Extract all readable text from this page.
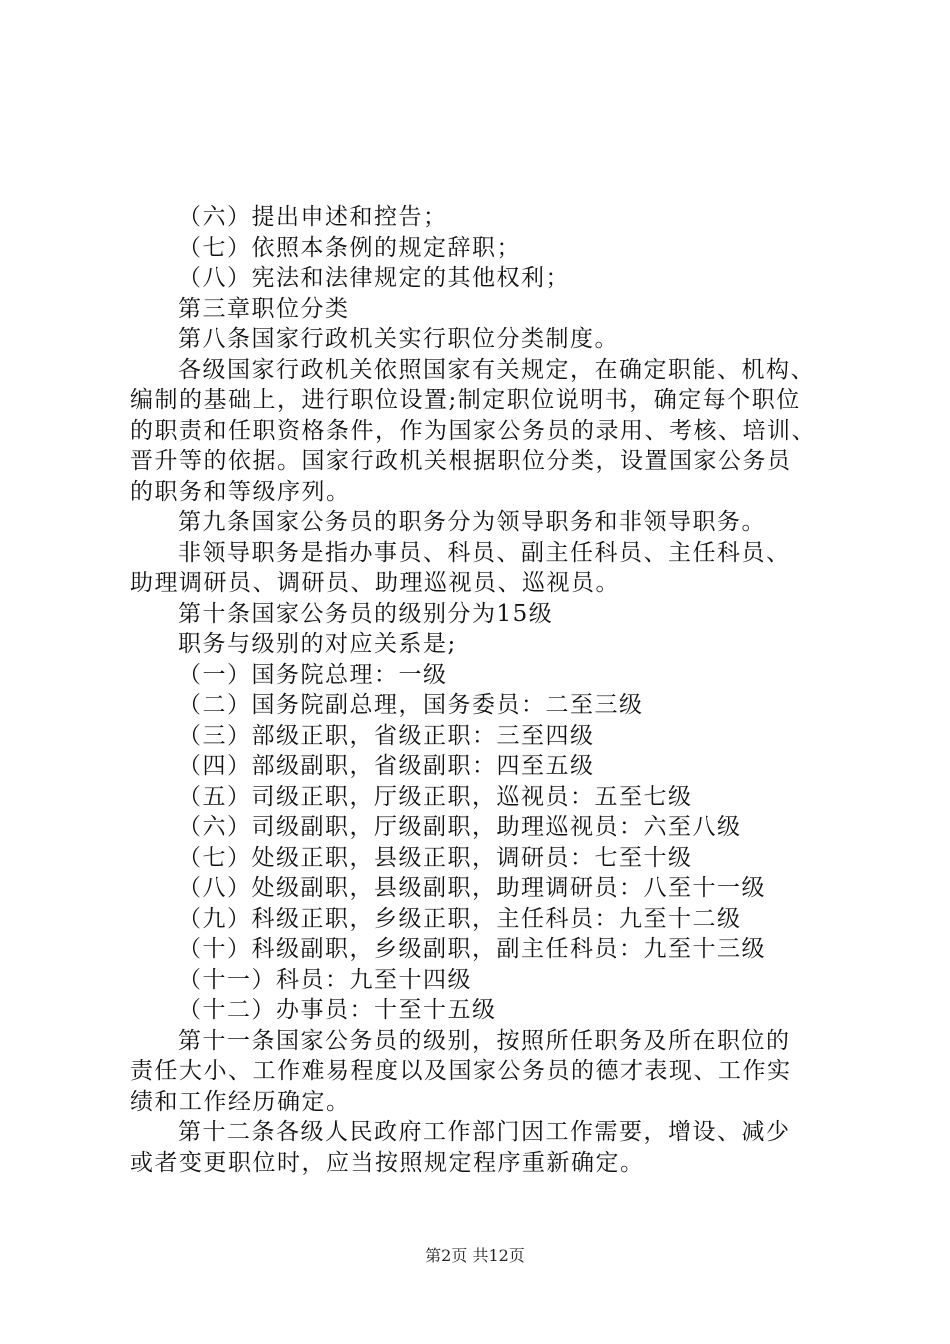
（六）提出申述和控告；
（七）依照本条例的规定辞职；
（八）宪法和法律规定的其他权利；
第三章职位分类
第八条国家行政机关实行职位分类制度。
各级国家行政机关依照国家有关规定，在确定职能、机构、
编制的基础上，进行职位设置;制定职位说明书，确定每个职位
的职责和任职资格条件，作为国家公务员的录用、考核、培训、
晋升等的依据。国家行政机关根据职位分类，设置国家公务员
的职务和等级序列。
第九条国家公务员的职务分为领导职务和非领导职务。
非领导职务是指办事员、科员、副主任科员、主任科员、
助理调研员、调研员、助理巡视员、巡视员。
第十条国家公务员的级别分为15级
职务与级别的对应关系是;
（一）国务院总理：一级
（二）国务院副总理，国务委员：二至三级
（三）部级正职，省级正职：三至四级
（四）部级副职，省级副职：四至五级
（五）司级正职，厅级正职，巡视员：五至七级
（六）司级副职，厅级副职，助理巡视员：六至八级
（七）处级正职，县级正职，调研员：七至十级
（八）处级副职，县级副职，助理调研员：八至十一级
（九）科级正职，乡级正职，主任科员：九至十二级
（十）科级副职，乡级副职，副主任科员：九至十三级
（十一）科员：九至十四级
（十二）办事员：十至十五级
第十一条国家公务员的级别，按照所任职务及所在职位的
责任大小、工作难易程度以及国家公务员的德才表现、工作实
绩和工作经历确定。
第十二条各级人民政府工作部门因工作需要，增设、减少
或者变更职位时，应当按照规定程序重新确定。
第2页 共12页
